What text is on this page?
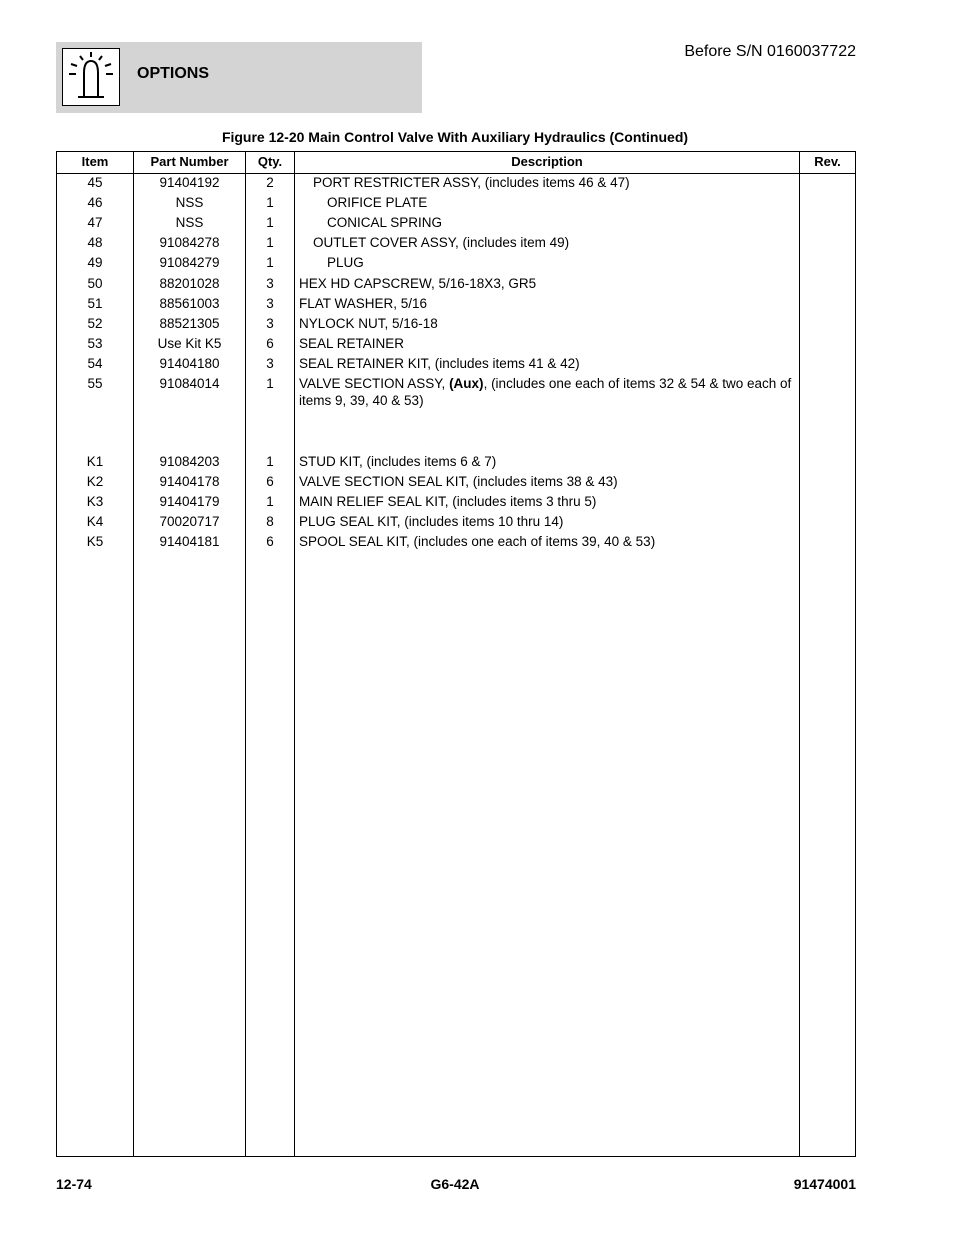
OPTIONS
Before S/N 0160037722
Figure 12-20 Main Control Valve With Auxiliary Hydraulics (Continued)
Item	Part Number	Qty.	Description	Rev.
45	91404192	2	PORT RESTRICTER ASSY, (includes items 46 & 47)
46	NSS	1	ORIFICE PLATE
47	NSS	1	CONICAL SPRING
48	91084278	1	OUTLET COVER ASSY, (includes item 49)
49	91084279	1	PLUG
50	88201028	3	HEX HD CAPSCREW, 5/16-18X3, GR5
51	88561003	3	FLAT WASHER, 5/16
52	88521305	3	NYLOCK NUT, 5/16-18
53	Use Kit K5	6	SEAL RETAINER
54	91404180	3	SEAL RETAINER KIT, (includes items 41 & 42)
55	91084014	1	VALVE SECTION ASSY, (Aux), (includes one each of items 32 & 54 & two each of items 9, 39, 40 & 53)
K1	91084203	1	STUD KIT, (includes items 6 & 7)
K2	91404178	6	VALVE SECTION SEAL KIT, (includes items 38 & 43)
K3	91404179	1	MAIN RELIEF SEAL KIT, (includes items 3 thru 5)
K4	70020717	8	PLUG SEAL KIT, (includes items 10 thru 14)
K5	91404181	6	SPOOL SEAL KIT, (includes one each of items 39, 40 & 53)
12-74	G6-42A	91474001
